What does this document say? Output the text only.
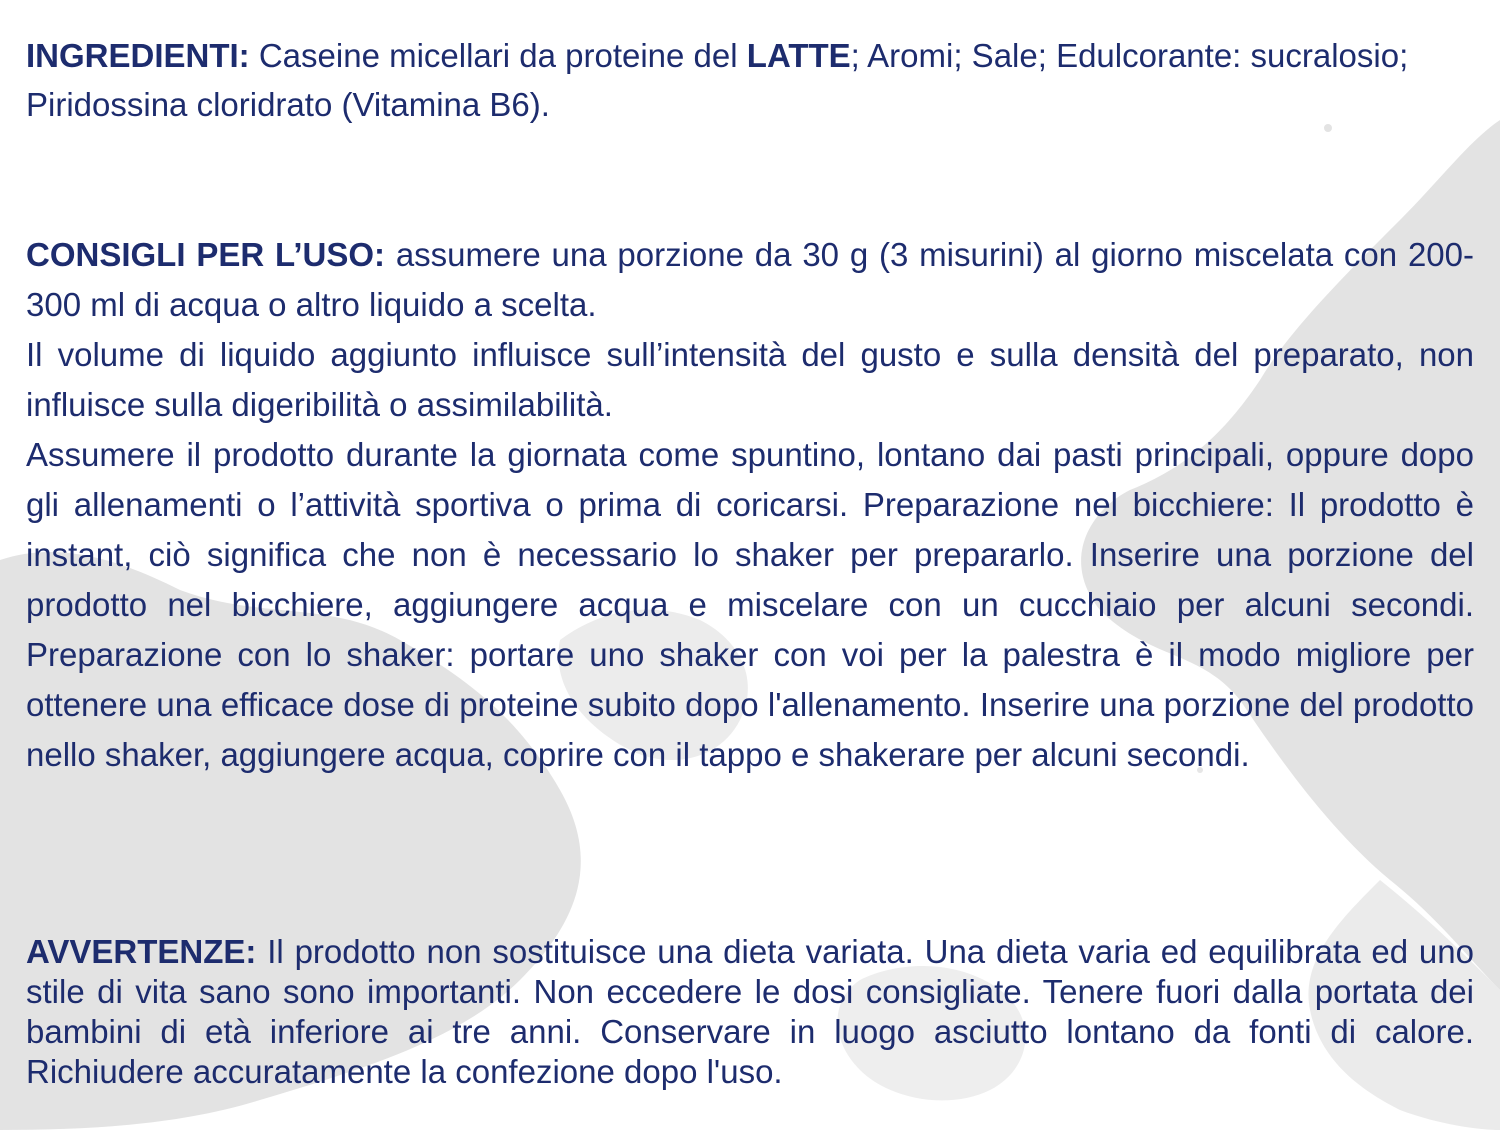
INGREDIENTI: Caseine micellari da proteine del LATTE; Aromi; Sale; Edulcorante: sucralosio; Piridossina cloridrato (Vitamina B6).

CONSIGLI PER L’USO: assumere una porzione da 30 g (3 misurini) al giorno miscelata con 200-300 ml di acqua o altro liquido a scelta.

Il volume di liquido aggiunto influisce sull’intensità del gusto e sulla densità del preparato, non influisce sulla digeribilità o assimilabilità.

Assumere il prodotto durante la giornata come spuntino, lontano dai pasti principali, oppure dopo gli allenamenti o l’attività sportiva o prima di coricarsi. Preparazione nel bicchiere: Il prodotto è instant, ciò significa che non è necessario lo shaker per prepararlo. Inserire una porzione del prodotto nel bicchiere, aggiungere acqua e miscelare con un cucchiaio per alcuni secondi. Preparazione con lo shaker: portare uno shaker con voi per la palestra è il modo migliore per ottenere una efficace dose di proteine subito dopo l'allenamento. Inserire una porzione del prodotto nello shaker, aggiungere acqua, coprire con il tappo e shakerare per alcuni secondi.

AVVERTENZE: Il prodotto non sostituisce una dieta variata. Una dieta varia ed equilibrata ed uno stile di vita sano sono importanti. Non eccedere le dosi consigliate. Tenere fuori dalla portata dei bambini di età inferiore ai tre anni. Conservare in luogo asciutto lontano da fonti di calore. Richiudere accuratamente la confezione dopo l'uso.
